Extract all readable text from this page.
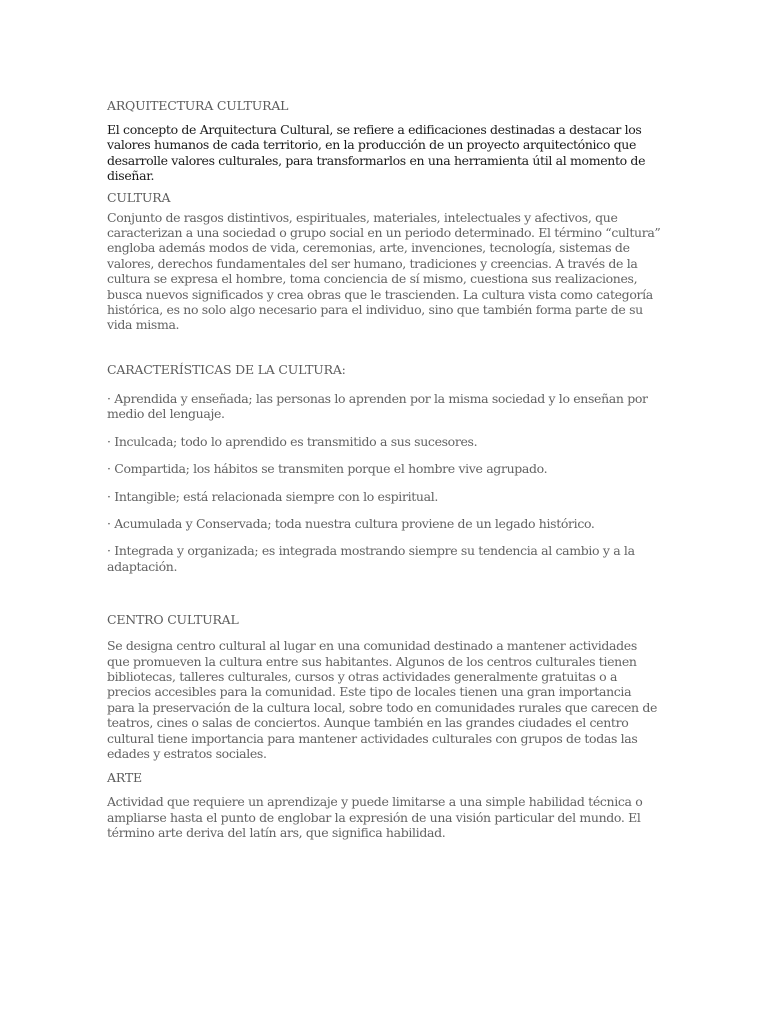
ARQUITECTURA CULTURAL

El concepto de Arquitectura Cultural, se refiere a edificaciones destinadas a destacar los valores humanos de cada territorio, en la producción de un proyecto arquitectónico que desarrolle valores culturales, para transformarlos en una herramienta útil al momento de diseñar.

CULTURA

Conjunto de rasgos distintivos, espirituales, materiales, intelectuales y afectivos, que caracterizan a una sociedad o grupo social en un periodo determinado. El término “cultura” engloba además modos de vida, ceremonias, arte, invenciones, tecnología, sistemas de valores, derechos fundamentales del ser humano, tradiciones y creencias. A través de la cultura se expresa el hombre, toma conciencia de sí mismo, cuestiona sus realizaciones, busca nuevos significados y crea obras que le trascienden. La cultura vista como categoría histórica, es no solo algo necesario para el individuo, sino que también forma parte de su vida misma.

CARACTERÍSTICAS DE LA CULTURA:

· Aprendida y enseñada; las personas lo aprenden por la misma sociedad y lo enseñan por medio del lenguaje.

· Inculcada; todo lo aprendido es transmitido a sus sucesores.

· Compartida; los hábitos se transmiten porque el hombre vive agrupado.

· Intangible; está relacionada siempre con lo espiritual.

· Acumulada y Conservada; toda nuestra cultura proviene de un legado histórico.

· Integrada y organizada; es integrada mostrando siempre su tendencia al cambio y a la adaptación.

CENTRO CULTURAL

Se designa centro cultural al lugar en una comunidad destinado a mantener actividades que promueven la cultura entre sus habitantes. Algunos de los centros culturales tienen bibliotecas, talleres culturales, cursos y otras actividades generalmente gratuitas o a precios accesibles para la comunidad. Este tipo de locales tienen una gran importancia para la preservación de la cultura local, sobre todo en comunidades rurales que carecen de teatros, cines o salas de conciertos. Aunque también en las grandes ciudades el centro cultural tiene importancia para mantener actividades culturales con grupos de todas las edades y estratos sociales.

ARTE

Actividad que requiere un aprendizaje y puede limitarse a una simple habilidad técnica o ampliarse hasta el punto de englobar la expresión de una visión particular del mundo. El término arte deriva del latín ars, que significa habilidad.
